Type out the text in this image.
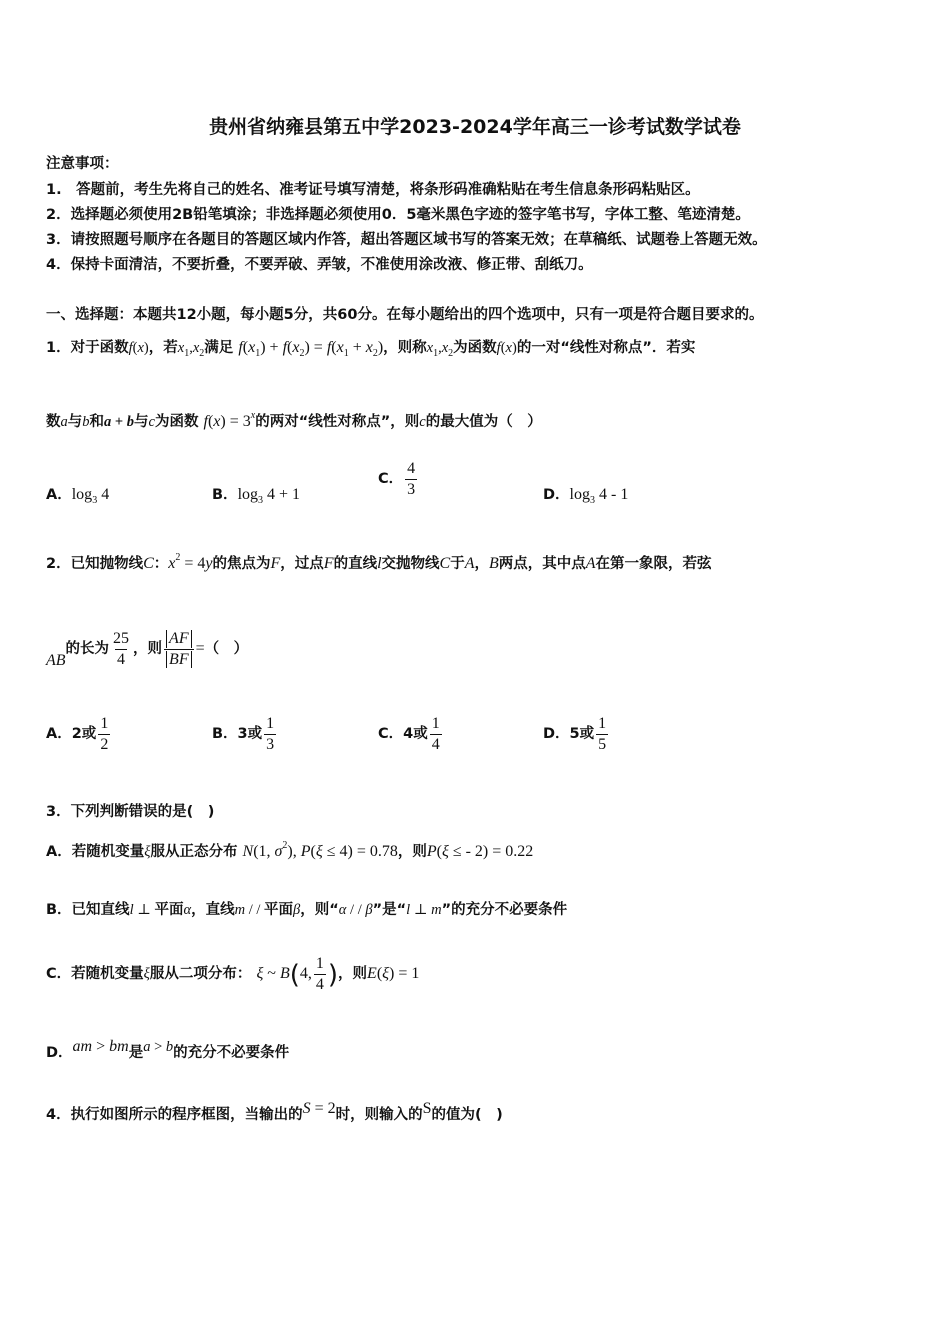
贵州省纳雍县第五中学2023-2024学年高三一诊考试数学试卷
注意事项：
1.　答题前，考生先将自己的姓名、准考证号填写清楚，将条形码准确粘贴在考生信息条形码粘贴区。
2．选择题必须使用2B铅笔填涂；非选择题必须使用0．5毫米黑色字迹的签字笔书写，字体工整、笔迹清楚。
3．请按照题号顺序在各题目的答题区域内作答，超出答题区域书写的答案无效；在草稿纸、试题卷上答题无效。
4．保持卡面清洁，不要折叠，不要弄破、弄皱，不准使用涂改液、修正带、刮纸刀。
一、选择题：本题共12小题，每小题5分，共60分。在每小题给出的四个选项中，只有一项是符合题目要求的。
1．对于函数f(x)，若$x_1,x_2$满足 $f(x_1) + f(x_2) = f(x_1 + x_2)$，则称$x_1,x_2$为函数f(x)的一对“线性对称点”．若实
数a与b和a + b与c为函数 $f(x) = 3^x$的两对“线性对称点”，则c的最大值为（　）
A．$\log_3 4$	B．$\log_3 4 + 1$
C． $\frac{4}{3}$	D．$\log_3 4 - 1$
2．已知抛物线C：$x^2 = 4y$的焦点为F，过点F的直线l交抛物线C于A，B两点，其中点A在第一象限，若弦
AB的长为 $\frac{25}{4}$ ，则 $\frac{AF}{BF}$ =（　）
A．2或 $\frac{1}{2}$	B．3或 $\frac{1}{3}$	C．4或 $\frac{1}{4}$	D．5或 $\frac{1}{5}$
3．下列判断错误的是(　)
A．若随机变量ξ服从正态分布 N(1, $\sigma^2$), P(ξ ≤ 4) = 0.78，则P(ξ ≤ - 2) = 0.22
B．已知直线l ⊥ 平面α，直线m / / 平面β，则“α / / β”是“l ⊥ m”的充分不必要条件
C．若随机变量ξ服从二项分布： ξ ~ B(4, $\frac{1}{4}$ )，则E(ξ) = 1
D．am > bm是a > b的充分不必要条件
4．执行如图所示的程序框图，当输出的S = 2时，则输入的S的值为(　)
